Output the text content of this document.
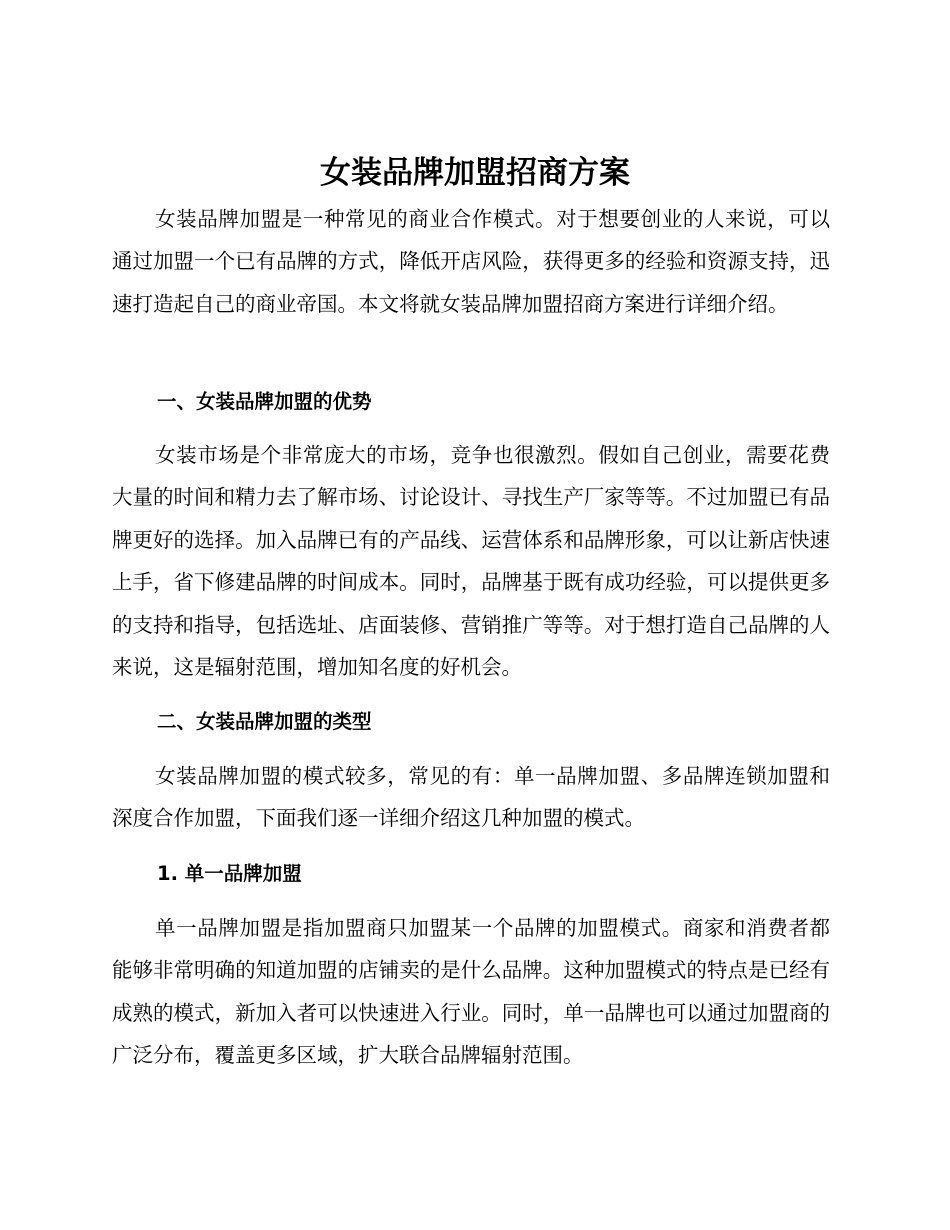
女装品牌加盟招商方案

女装品牌加盟是一种常见的商业合作模式。对于想要创业的人来说，可以通过加盟一个已有品牌的方式，降低开店风险，获得更多的经验和资源支持，迅速打造起自己的商业帝国。本文将就女装品牌加盟招商方案进行详细介绍。

一、女装品牌加盟的优势

女装市场是个非常庞大的市场，竞争也很激烈。假如自己创业，需要花费大量的时间和精力去了解市场、讨论设计、寻找生产厂家等等。不过加盟已有品牌更好的选择。加入品牌已有的产品线、运营体系和品牌形象，可以让新店快速上手，省下修建品牌的时间成本。同时，品牌基于既有成功经验，可以提供更多的支持和指导，包括选址、店面装修、营销推广等等。对于想打造自己品牌的人来说，这是辐射范围，增加知名度的好机会。

二、女装品牌加盟的类型

女装品牌加盟的模式较多，常见的有：单一品牌加盟、多品牌连锁加盟和深度合作加盟，下面我们逐一详细介绍这几种加盟的模式。

1. 单一品牌加盟

单一品牌加盟是指加盟商只加盟某一个品牌的加盟模式。商家和消费者都能够非常明确的知道加盟的店铺卖的是什么品牌。这种加盟模式的特点是已经有成熟的模式，新加入者可以快速进入行业。同时，单一品牌也可以通过加盟商的广泛分布，覆盖更多区域，扩大联合品牌辐射范围。
